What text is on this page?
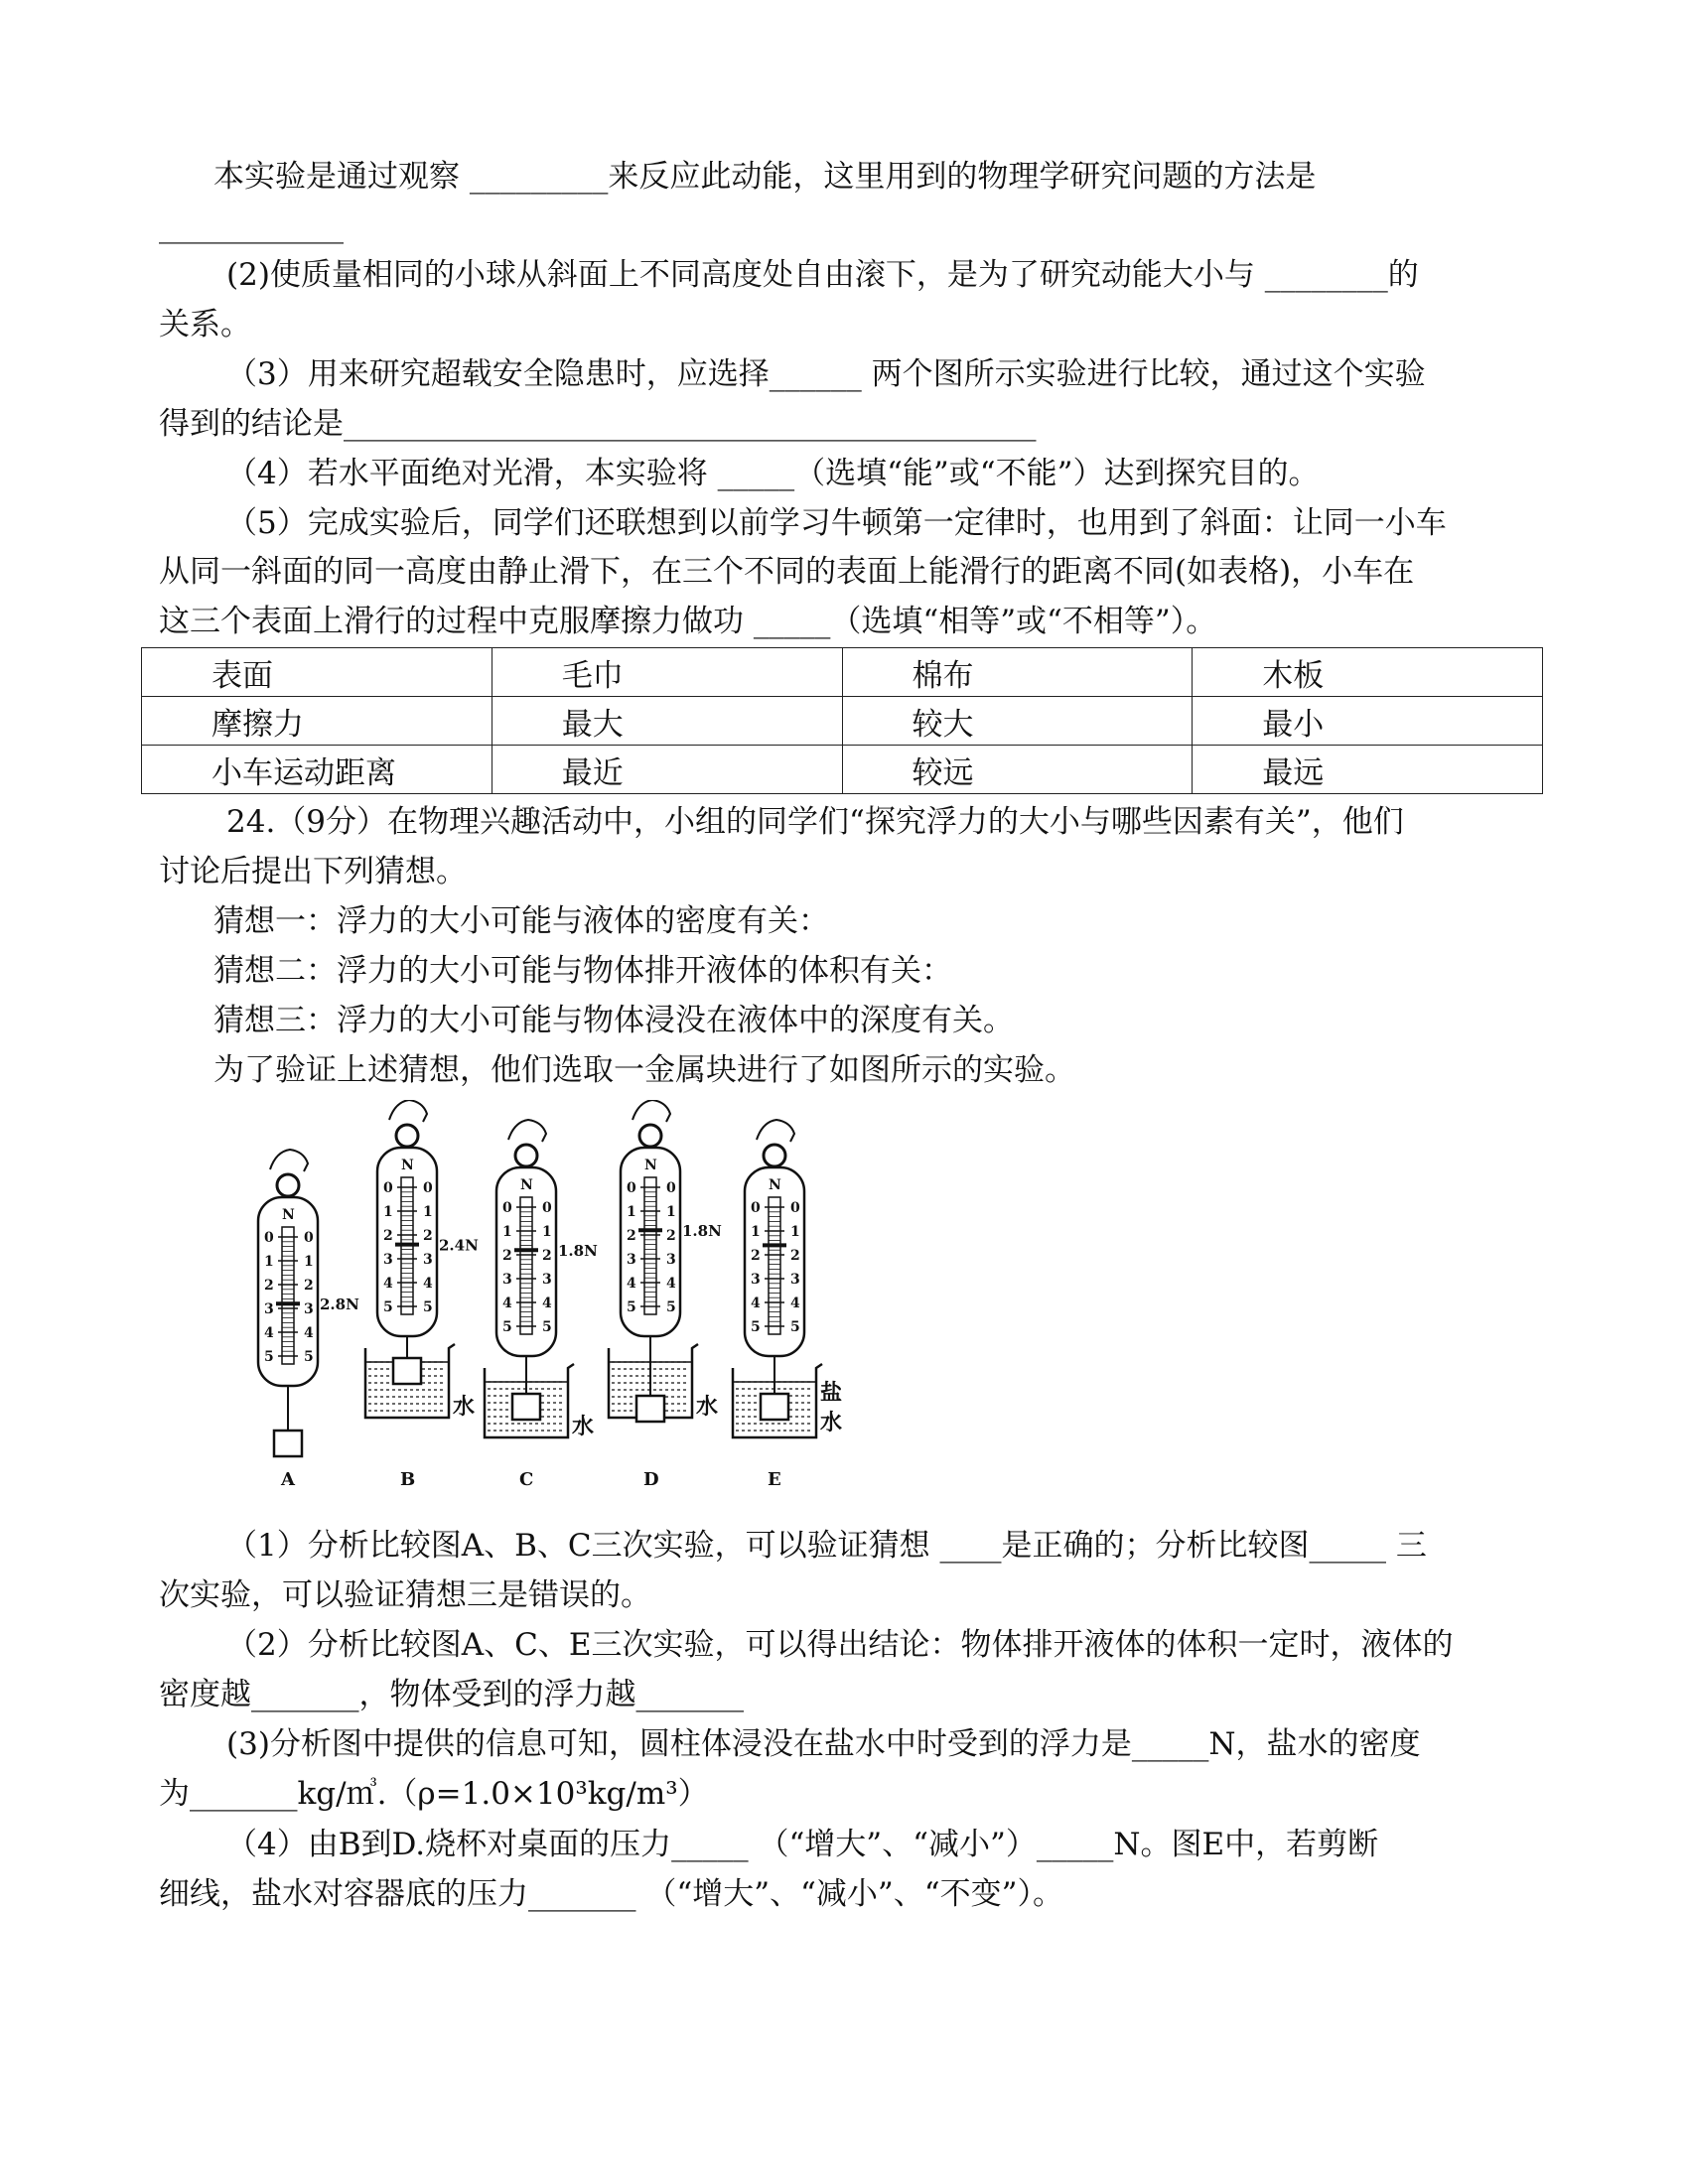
本实验是通过观察 _________来反应此动能，这里用到的物理学研究问题的方法是
____________
(2)使质量相同的小球从斜面上不同高度处自由滚下，是为了研究动能大小与 ________的
关系。
（3）用来研究超载安全隐患时，应选择______ 两个图所示实验进行比较，通过这个实验
得到的结论是_____________________________________________
（4）若水平面绝对光滑，本实验将 _____（选填“能”或“不能”）达到探究目的。
（5）完成实验后，同学们还联想到以前学习牛顿第一定律时，也用到了斜面：让同一小车
从同一斜面的同一高度由静止滑下，在三个不同的表面上能滑行的距离不同(如表格)，小车在
这三个表面上滑行的过程中克服摩擦力做功 _____（选填“相等”或“不相等”）。
表面	毛巾	棉布	木板
摩擦力	最大	较大	最小
小车运动距离	最近	较远	最远
24.（9分）在物理兴趣活动中，小组的同学们“探究浮力的大小与哪些因素有关”，他们
讨论后提出下列猜想。
猜想一：浮力的大小可能与液体的密度有关：
猜想二：浮力的大小可能与物体排开液体的体积有关：
猜想三：浮力的大小可能与物体浸没在液体中的深度有关。
为了验证上述猜想，他们选取一金属块进行了如图所示的实验。
N
0 0
1 1
2 2
3 3
4 4
5 5
2.8N
A
N
0 0
1 1
2 2
3 3
4 4
5 5
2.4N
水
B
N
0 0
1 1
2 2
3 3
4 4
5 5
1.8N
水
C
N
0 0
1 1
2 2
3 3
4 4
5 5
1.8N
水
D
N
0 0
1 1
2 2
3 3
4 4
5 5
盐
水
E
（1）分析比较图A、B、C三次实验，可以验证猜想 ____是正确的；分析比较图_____ 三
次实验，可以验证猜想三是错误的。
（2）分析比较图A、C、E三次实验，可以得出结论：物体排开液体的体积一定时，液体的
密度越_______，物体受到的浮力越_______
(3)分析图中提供的信息可知，圆柱体浸没在盐水中时受到的浮力是_____N，盐水的密度
为_______kg/㎥.（ρ=1.0×10³kg/m³）
（4）由B到D.烧杯对桌面的压力_____ （“增大”、“减小”）_____N。图E中，若剪断
细线，盐水对容器底的压力_______ （“增大”、“减小”、“不变”）。
